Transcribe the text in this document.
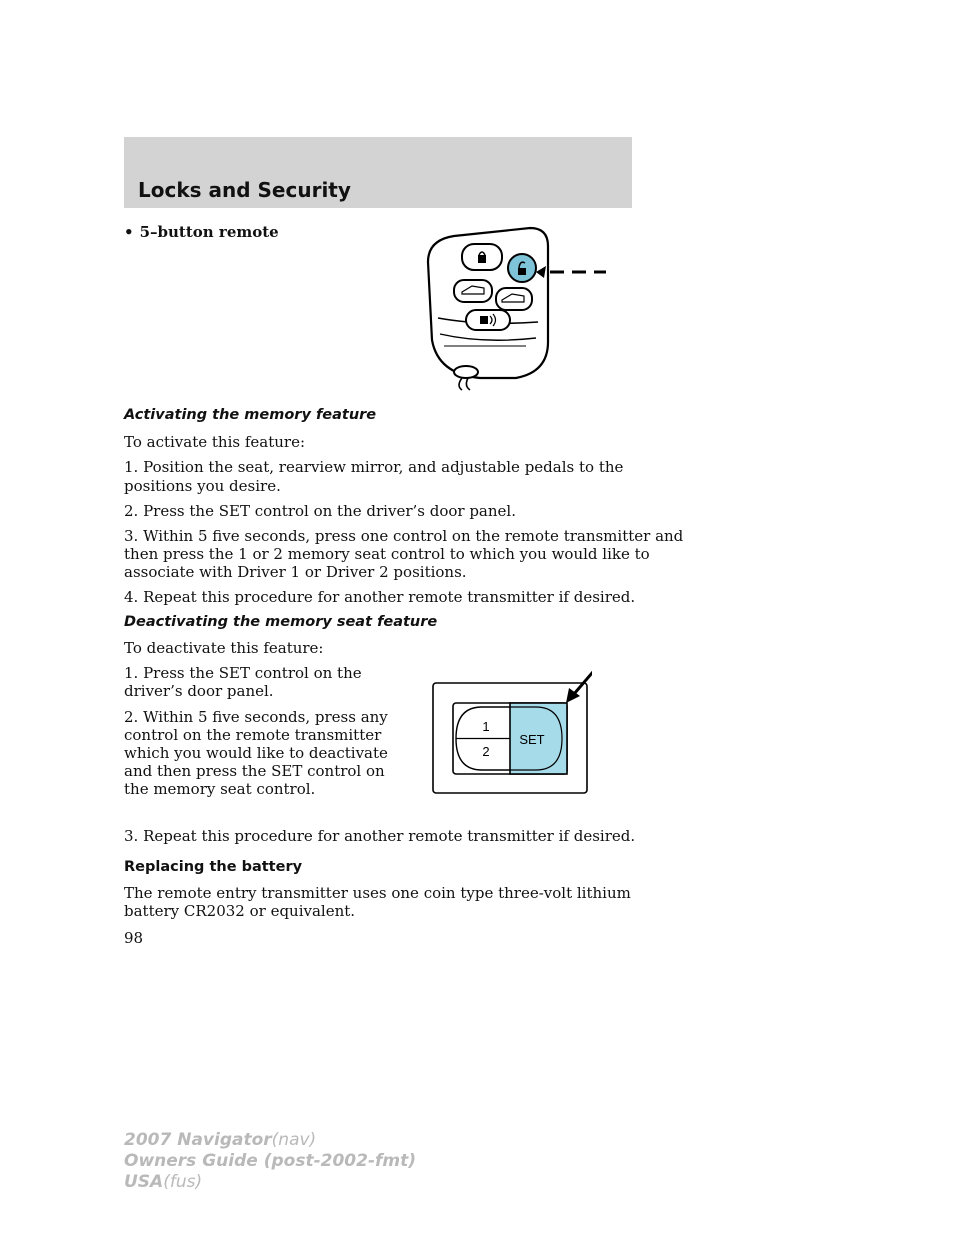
Locks and Security
• 5–button remote
Activating the memory feature
To activate this feature:
1. Position the seat, rearview mirror, and adjustable pedals to the
positions you desire.
2. Press the SET control on the driver’s door panel.
3. Within 5 five seconds, press one control on the remote transmitter and
then press the 1 or 2 memory seat control to which you would like to
associate with Driver 1 or Driver 2 positions.
4. Repeat this procedure for another remote transmitter if desired.
Deactivating the memory seat feature
To deactivate this feature:
1. Press the SET control on the
driver’s door panel.
2. Within 5 five seconds, press any
control on the remote transmitter
which you would like to deactivate
and then press the SET control on
the memory seat control.
1
2
SET
3. Repeat this procedure for another remote transmitter if desired.
Replacing the battery
The remote entry transmitter uses one coin type three-volt lithium
battery CR2032 or equivalent.
98
2007 Navigator(nav)
Owners Guide (post-2002-fmt)
USA(fus)
